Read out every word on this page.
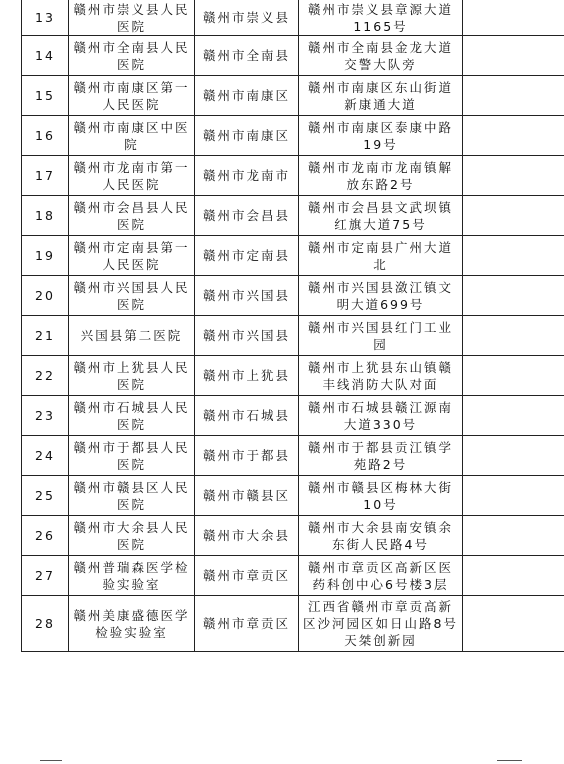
13	赣州市崇义县人民医院	赣州市崇义县	赣州市崇义县章源大道1165号	
14	赣州市全南县人民医院	赣州市全南县	赣州市全南县金龙大道交警大队旁	
15	赣州市南康区第一人民医院	赣州市南康区	赣州市南康区东山街道新康通大道	
16	赣州市南康区中医院	赣州市南康区	赣州市南康区泰康中路19号	
17	赣州市龙南市第一人民医院	赣州市龙南市	赣州市龙南市龙南镇解放东路2号	
18	赣州市会昌县人民医院	赣州市会昌县	赣州市会昌县文武坝镇红旗大道75号	
19	赣州市定南县第一人民医院	赣州市定南县	赣州市定南县广州大道北	
20	赣州市兴国县人民医院	赣州市兴国县	赣州市兴国县潋江镇文明大道699号	
21	兴国县第二医院	赣州市兴国县	赣州市兴国县红门工业园	
22	赣州市上犹县人民医院	赣州市上犹县	赣州市上犹县东山镇赣丰线消防大队对面	
23	赣州市石城县人民医院	赣州市石城县	赣州市石城县赣江源南大道330号	
24	赣州市于都县人民医院	赣州市于都县	赣州市于都县贡江镇学苑路2号	
25	赣州市赣县区人民医院	赣州市赣县区	赣州市赣县区梅林大街10号	
26	赣州市大余县人民医院	赣州市大余县	赣州市大余县南安镇余东街人民路4号	
27	赣州普瑞森医学检验实验室	赣州市章贡区	赣州市章贡区高新区医药科创中心6号楼3层	
28	赣州美康盛德医学检验实验室	赣州市章贡区	江西省赣州市章贡高新区沙河园区如日山路8号天桀创新园	
